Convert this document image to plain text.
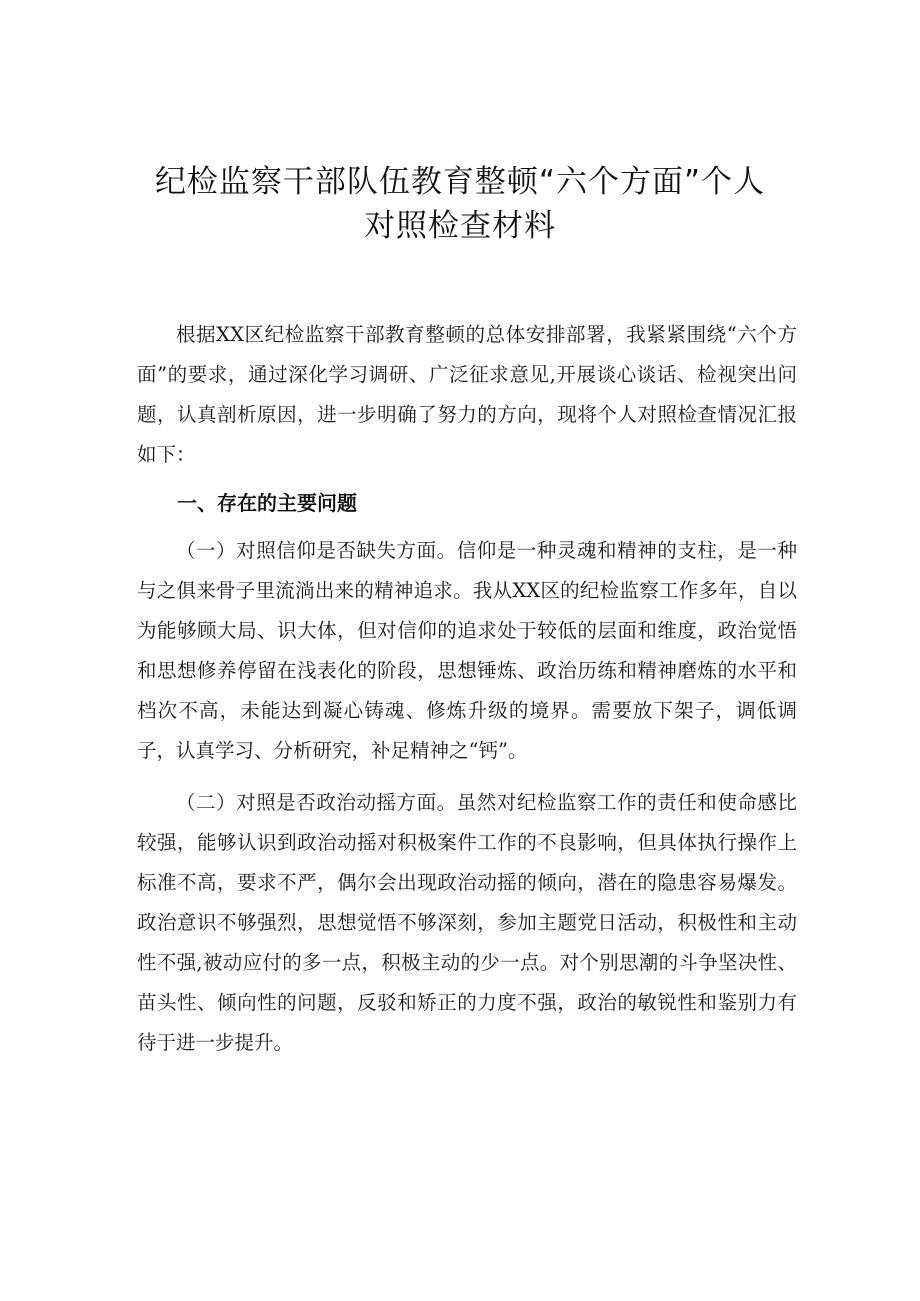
纪检监察干部队伍教育整顿“六个方面”个人
对照检查材料

根据XX区纪检监察干部教育整顿的总体安排部署，我紧紧围绕“六个方面”的要求，通过深化学习调研、广泛征求意见,开展谈心谈话、检视突出问题，认真剖析原因，进一步明确了努力的方向，现将个人对照检查情况汇报如下：

一、存在的主要问题

（一）对照信仰是否缺失方面。信仰是一种灵魂和精神的支柱，是一种与之俱来骨子里流淌出来的精神追求。我从XX区的纪检监察工作多年，自以为能够顾大局、识大体，但对信仰的追求处于较低的层面和维度，政治觉悟和思想修养停留在浅表化的阶段，思想锤炼、政治历练和精神磨炼的水平和档次不高，未能达到凝心铸魂、修炼升级的境界。需要放下架子，调低调子，认真学习、分析研究，补足精神之“钙”。

（二）对照是否政治动摇方面。虽然对纪检监察工作的责任和使命感比较强，能够认识到政治动摇对积极案件工作的不良影响，但具体执行操作上标准不高，要求不严，偶尔会出现政治动摇的倾向，潜在的隐患容易爆发。政治意识不够强烈，思想觉悟不够深刻，参加主题党日活动，积极性和主动性不强,被动应付的多一点，积极主动的少一点。对个别思潮的斗争坚决性、苗头性、倾向性的问题，反驳和矫正的力度不强，政治的敏锐性和鉴别力有待于进一步提升。
